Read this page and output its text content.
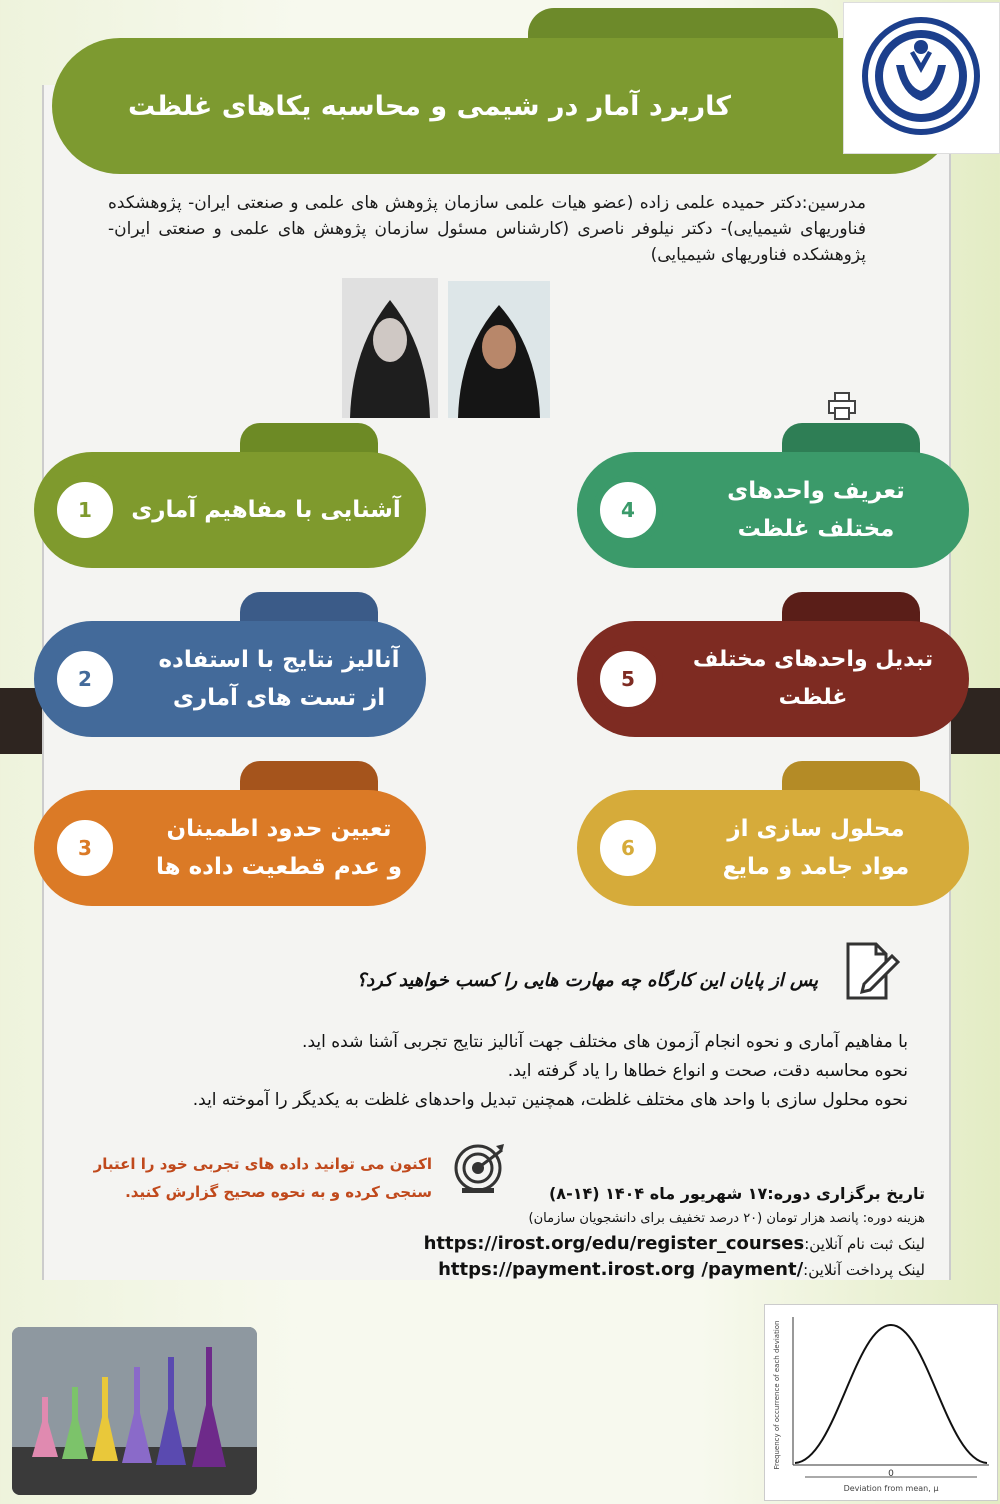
کاربرد آمار در شیمی و محاسبه یکاهای غلظت
مدرسین:دکتر حمیده علمی زاده (عضو هیات علمی سازمان پژوهش های علمی و صنعتی ایران- پژوهشکده فناوریهای شیمیایی)- دکتر نیلوفر ناصری (کارشناس مسئول سازمان پژوهش های علمی و صنعتی ایران- پژوهشکده فناوریهای شیمیایی)
1	آشنایی با مفاهیم آماری
2
آنالیز نتایج با استفاده از تست های آماری
3
تعیین حدود اطمینان و عدم قطعیت داده ها
4
تعریف واحدهای مختلف غلظت
5
تبدیل واحدهای مختلف غلظت
6
محلول سازی از مواد جامد و مایع
پس از پایان این کارگاه چه مهارت هایی را کسب خواهید کرد؟
با مفاهیم آماری و نحوه انجام آزمون های مختلف جهت آنالیز نتایج تجربی آشنا شده اید.
نحوه محاسبه دقت، صحت و انواع خطاها را یاد گرفته اید.
نحوه محلول سازی با واحد های مختلف غلظت، همچنین تبدیل واحدهای غلظت به یکدیگر را آموخته اید.
اکنون می توانید داده های تجربی خود را اعتبار سنجی کرده و به نحوه صحیح گزارش کنید.	تاریخ برگزاری دوره:۱۷ شهریور ماه ۱۴۰۴ (۱۴-۸)
هزینه دوره: پانصد هزار تومان (۲۰ درصد تخفیف برای دانشجویان سازمان)
لینک ثبت نام آنلاین:https://irost.org/edu/register_courses
لینک پرداخت آنلاین:https://payment.irost.org /payment/
0
Deviation from mean, μ
Frequency of occurrence of each deviation
